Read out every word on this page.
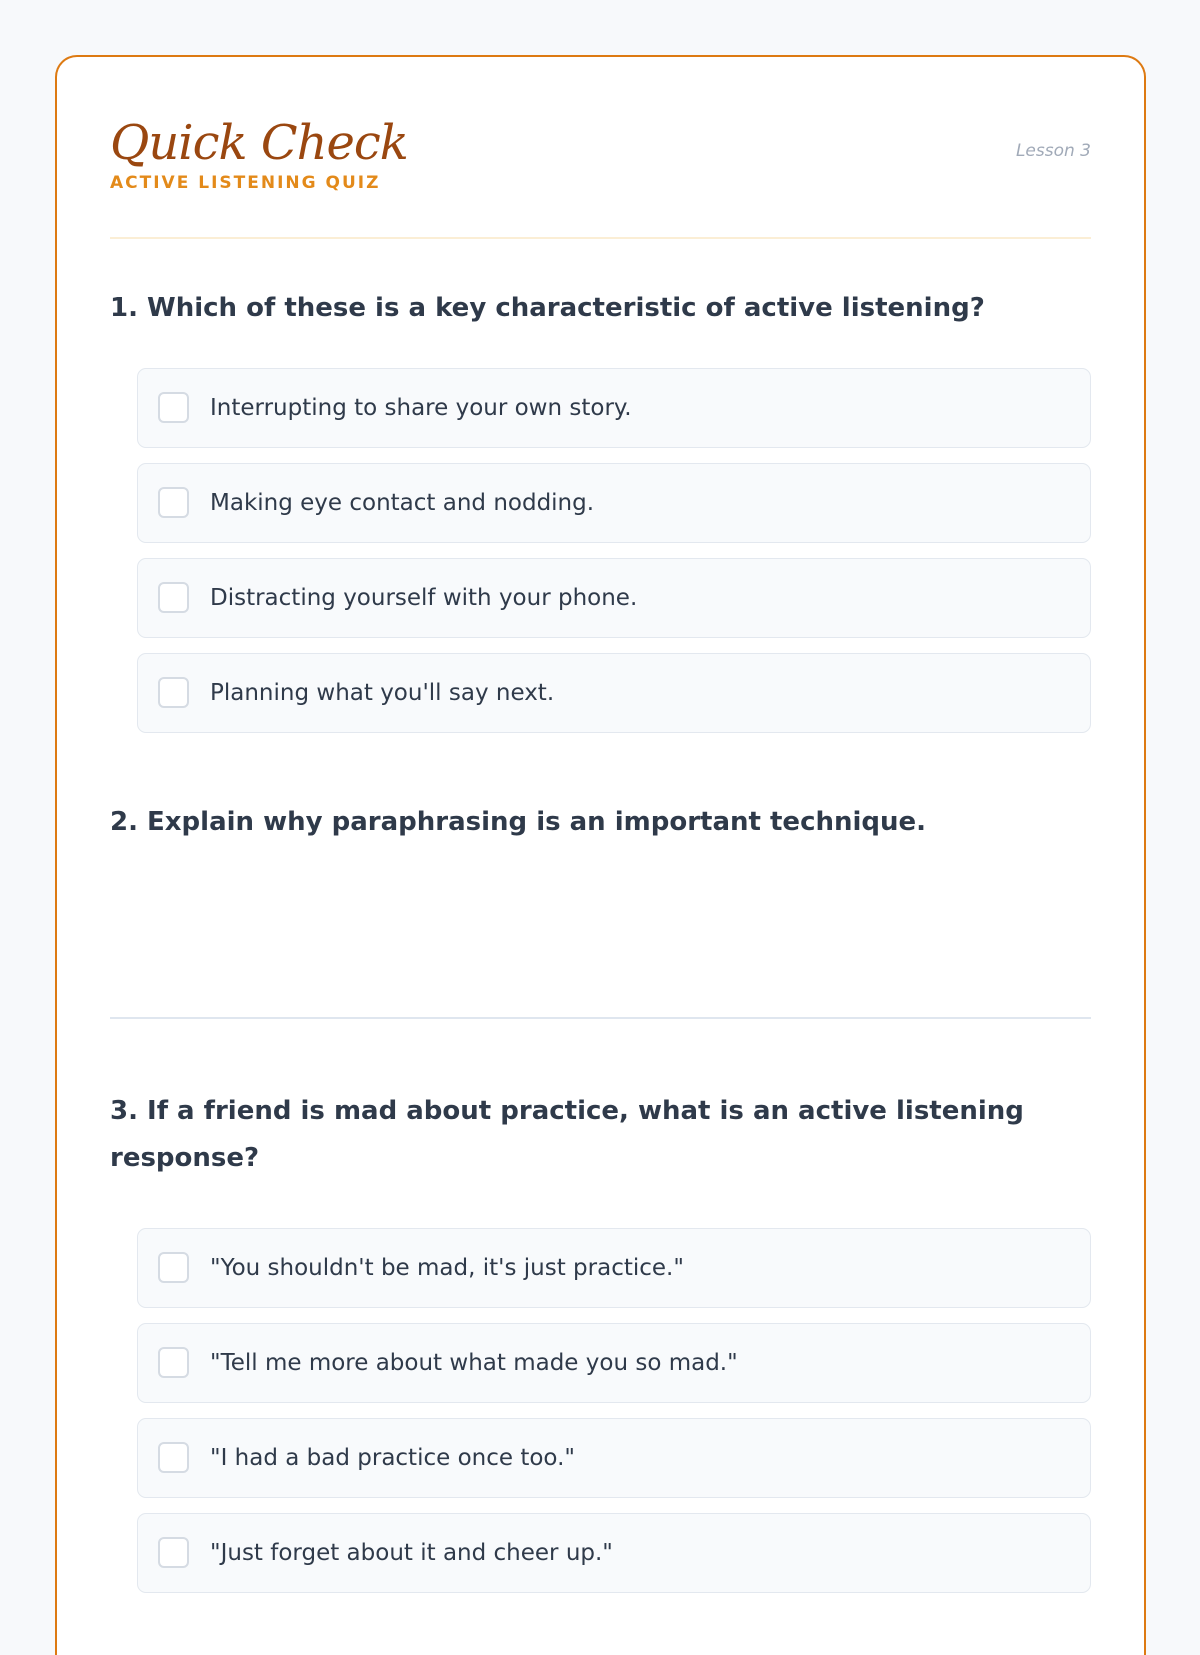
Quick Check
ACTIVE LISTENING QUIZ
Lesson 3
1. Which of these is a key characteristic of active listening?
Interrupting to share your own story.
Making eye contact and nodding.
Distracting yourself with your phone.
Planning what you'll say next.
2. Explain why paraphrasing is an important technique.
3. If a friend is mad about practice, what is an active listening response?
"You shouldn't be mad, it's just practice."
"Tell me more about what made you so mad."
"I had a bad practice once too."
"Just forget about it and cheer up."
